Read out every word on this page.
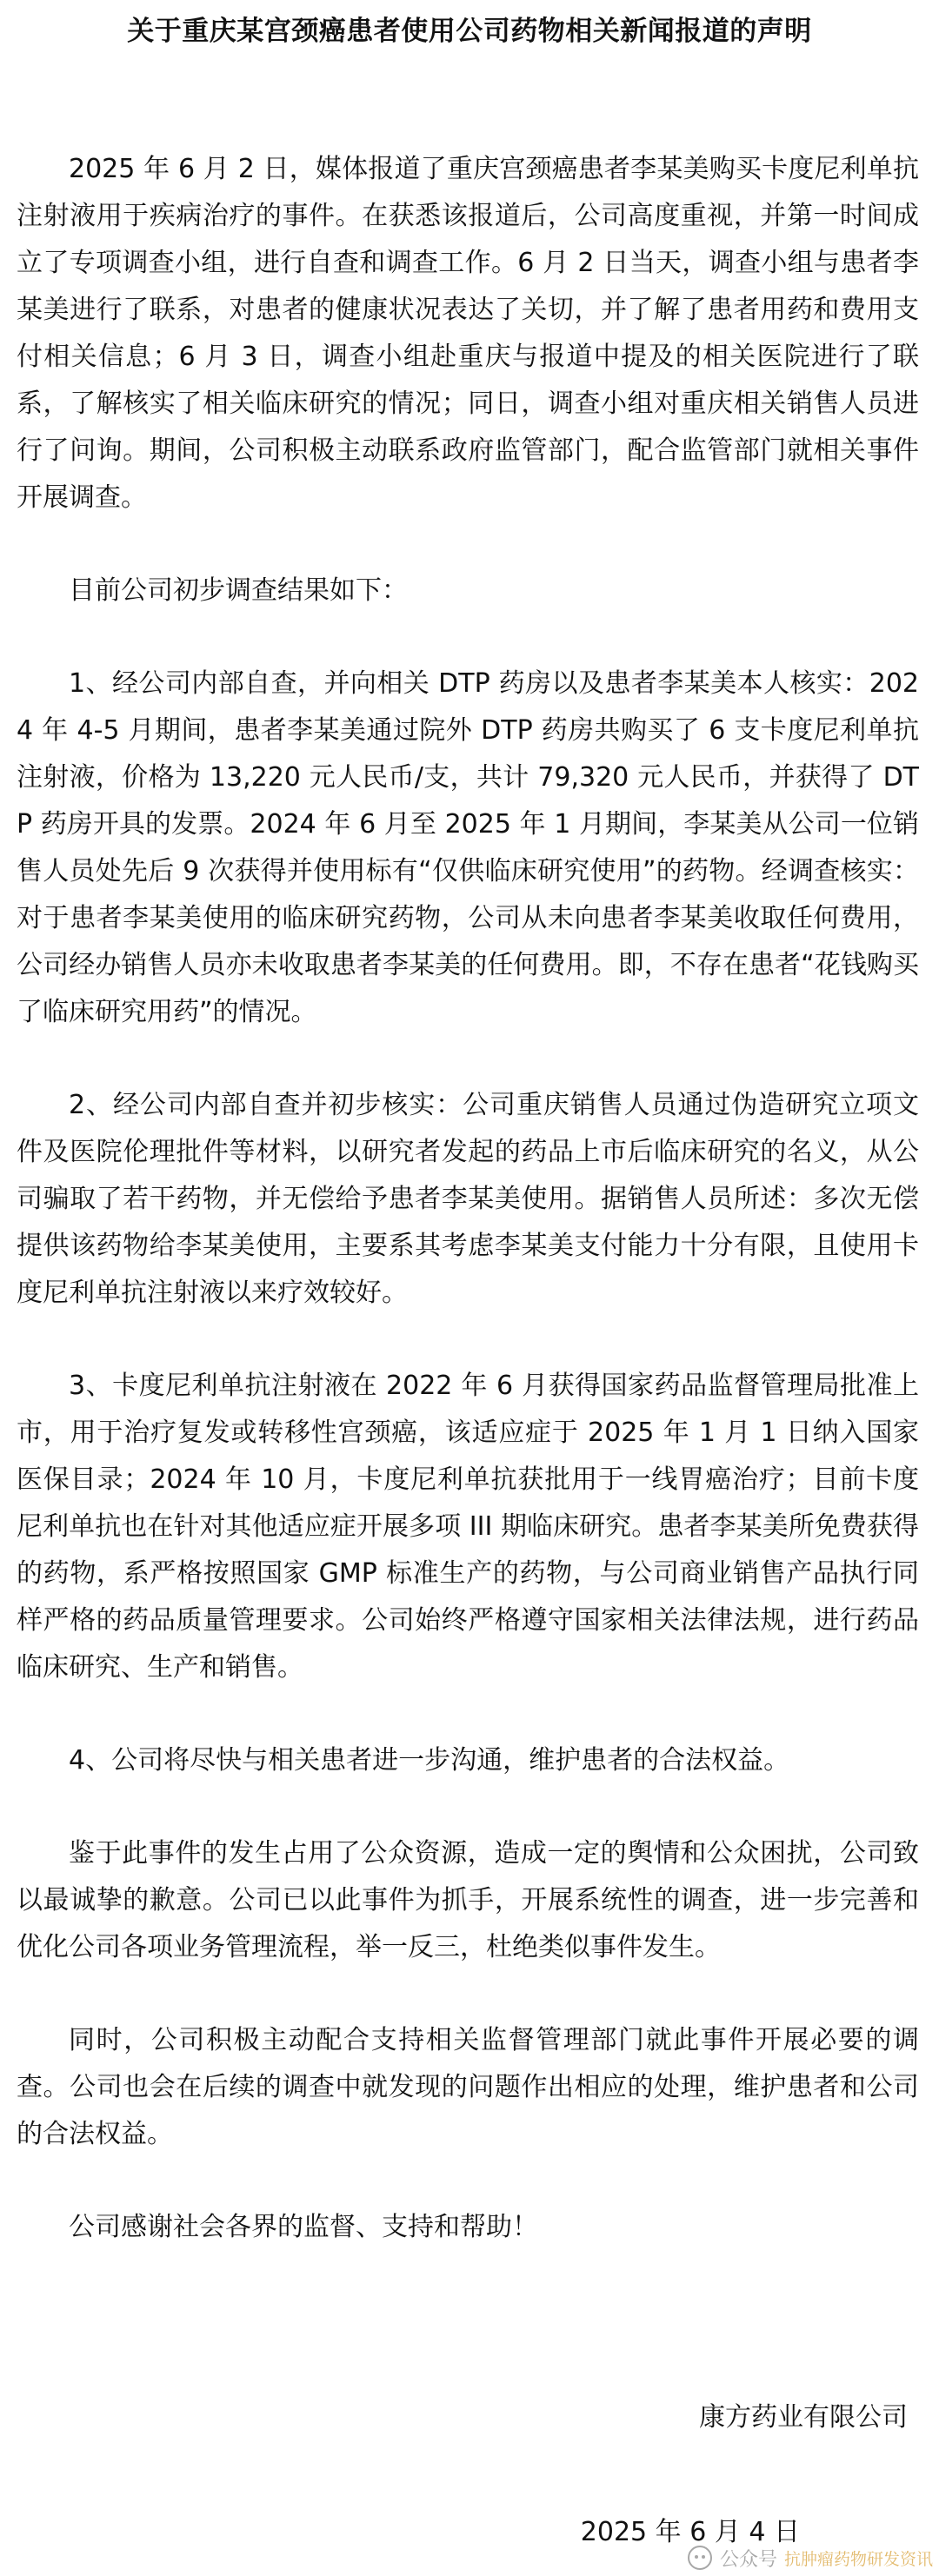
关于重庆某宫颈癌患者使用公司药物相关新闻报道的声明

2025 年 6 月 2 日，媒体报道了重庆宫颈癌患者李某美购买卡度尼利单抗注射液用于疾病治疗的事件。在获悉该报道后，公司高度重视，并第一时间成立了专项调查小组，进行自查和调查工作。6 月 2 日当天，调查小组与患者李某美进行了联系，对患者的健康状况表达了关切，并了解了患者用药和费用支付相关信息；6 月 3 日，调查小组赴重庆与报道中提及的相关医院进行了联系，了解核实了相关临床研究的情况；同日，调查小组对重庆相关销售人员进行了问询。期间，公司积极主动联系政府监管部门，配合监管部门就相关事件开展调查。

目前公司初步调查结果如下：

1、经公司内部自查，并向相关 DTP 药房以及患者李某美本人核实：2024 年 4-5 月期间，患者李某美通过院外 DTP 药房共购买了 6 支卡度尼利单抗注射液，价格为 13,220 元人民币/支，共计 79,320 元人民币，并获得了 DTP 药房开具的发票。2024 年 6 月至 2025 年 1 月期间，李某美从公司一位销售人员处先后 9 次获得并使用标有“仅供临床研究使用”的药物。经调查核实：对于患者李某美使用的临床研究药物，公司从未向患者李某美收取任何费用，公司经办销售人员亦未收取患者李某美的任何费用。即，不存在患者“花钱购买了临床研究用药”的情况。

2、经公司内部自查并初步核实：公司重庆销售人员通过伪造研究立项文件及医院伦理批件等材料，以研究者发起的药品上市后临床研究的名义，从公司骗取了若干药物，并无偿给予患者李某美使用。据销售人员所述：多次无偿提供该药物给李某美使用，主要系其考虑李某美支付能力十分有限，且使用卡度尼利单抗注射液以来疗效较好。

3、卡度尼利单抗注射液在 2022 年 6 月获得国家药品监督管理局批准上市，用于治疗复发或转移性宫颈癌，该适应症于 2025 年 1 月 1 日纳入国家医保目录；2024 年 10 月，卡度尼利单抗获批用于一线胃癌治疗；目前卡度尼利单抗也在针对其他适应症开展多项 III 期临床研究。患者李某美所免费获得的药物，系严格按照国家 GMP 标准生产的药物，与公司商业销售产品执行同样严格的药品质量管理要求。公司始终严格遵守国家相关法律法规，进行药品临床研究、生产和销售。

4、公司将尽快与相关患者进一步沟通，维护患者的合法权益。

鉴于此事件的发生占用了公众资源，造成一定的舆情和公众困扰，公司致以最诚挚的歉意。公司已以此事件为抓手，开展系统性的调查，进一步完善和优化公司各项业务管理流程，举一反三，杜绝类似事件发生。

同时，公司积极主动配合支持相关监督管理部门就此事件开展必要的调查。公司也会在后续的调查中就发现的问题作出相应的处理，维护患者和公司的合法权益。

公司感谢社会各界的监督、支持和帮助！

康方药业有限公司
2025 年 6 月 4 日
公众号 抗肿瘤药物研发资讯
